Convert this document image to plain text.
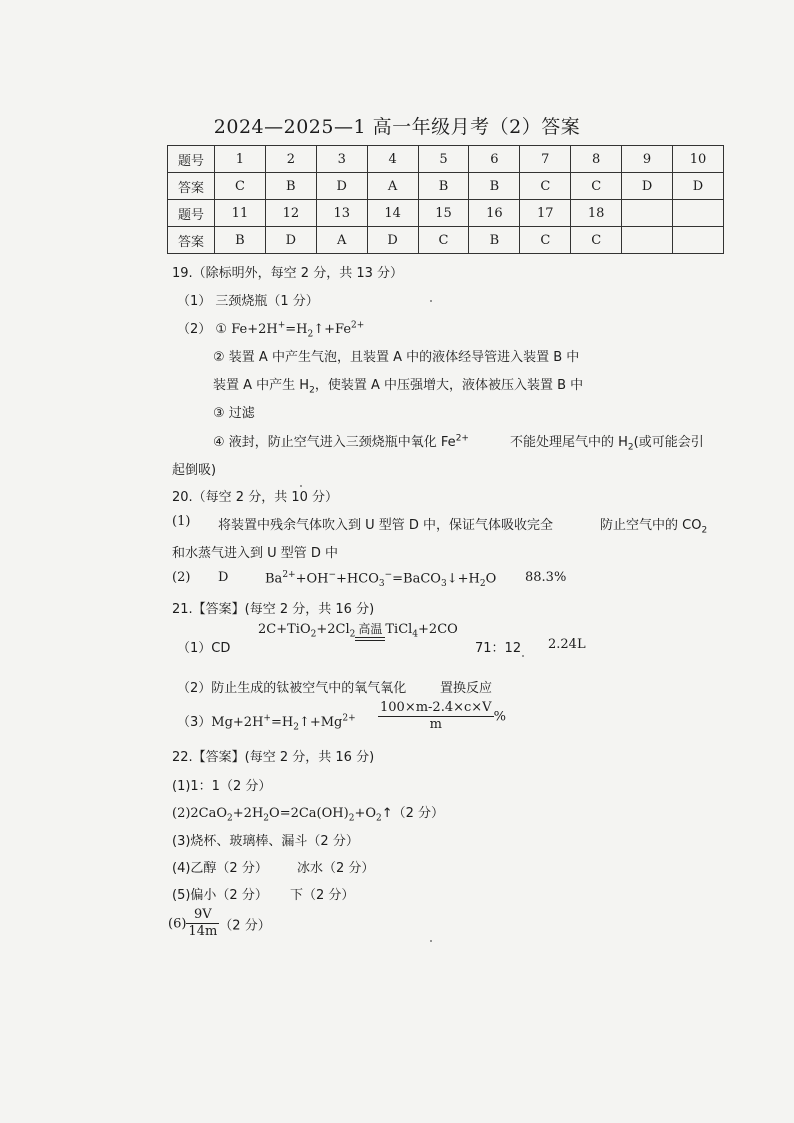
2024—2025—1 高一年级月考（2）答案
题号	1	2	3	4	5	6	7	8	9	10
答案	C	B	D	A	B	B	C	C	D	D
题号	11	12	13	14	15	16	17	18		
答案	B	D	A	D	C	B	C	C		
19.（除标明外，每空 2 分，共 13 分）
（1） 三颈烧瓶（1 分）
（2） ① $Fe+2H^+=H_2↑+Fe^{2+}$
② 装置 A 中产生气泡，且装置 A 中的液体经导管进入装置 B 中
装置 A 中产生 $H_2$，使装置 A 中压强增大，液体被压入装置 B 中
③ 过滤
④ 液封，防止空气进入三颈烧瓶中氧化 $Fe^{2+}$	不能处理尾气中的 $H_2$(或可能会引
起倒吸)
20.（每空 2 分，共 10 分）
(1) 将装置中残余气体吹入到 U 型管 D 中，保证气体吸收完全	防止空气中的 $CO_2$
和水蒸气进入到 U 型管 D 中
(2) D	$Ba^{2+}+OH^-+HCO_3^-=BaCO_3↓+H_2O$ 88.3%
21.【答案】(每空 2 分，共 16 分)
（1）CD
$2C+TiO_2+2Cl_2$ 高温 TiCl$_4$+2CO
71：12 2.24L
（2）防止生成的钛被空气中的氧气氧化	置换反应
$(3)Mg+2H^+=H_2↑+Mg^{2+} \frac{100\times m-2.4\times c\times V}{m}$ %
22.【答案】(每空 2 分，共 16 分)
(1)1：1（2 分）
$(2)2CaO_2+2H_2O=2Ca(OH)_2+O_2↑(2$ 分）
(3)烧杯、玻璃棒、漏斗（2 分）
(4)乙醇（2 分） 冰水（2 分）
(5)偏小（2 分） 下（2 分）
$(6) \frac{9V}{14m} (2$ 分）
